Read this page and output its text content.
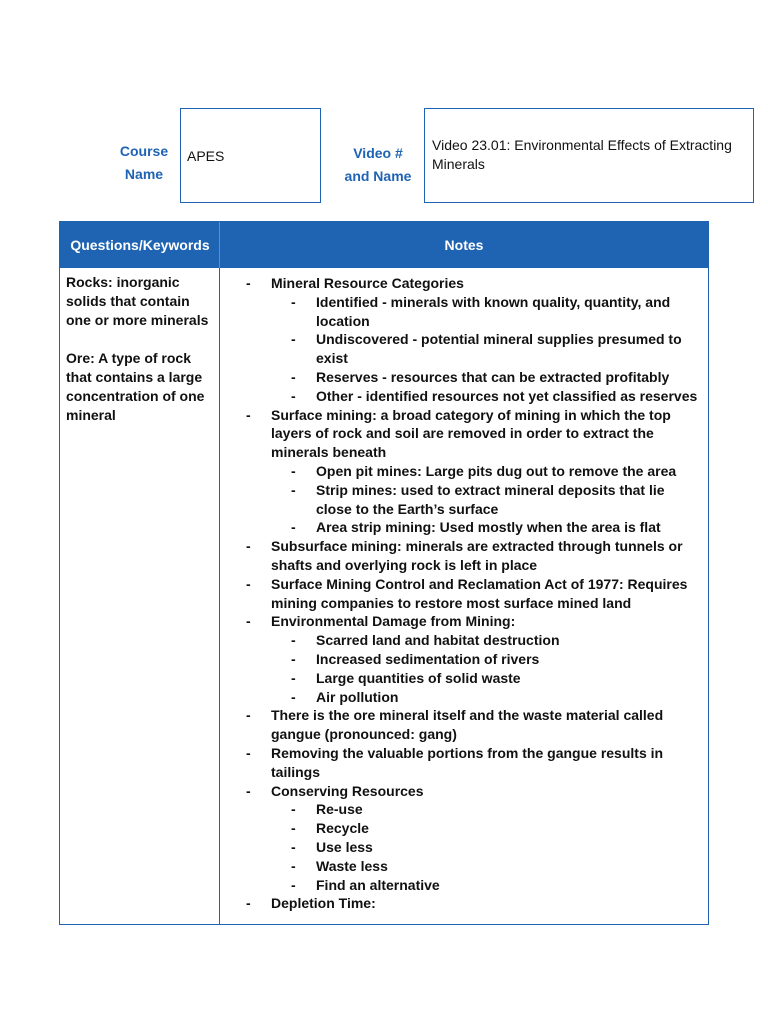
Course
Name
APES	Video #
and Name
Video 23.01: Environmental Effects of Extracting Minerals
Questions/Keywords	Notes

Rocks: inorganic solids that contain one or more minerals

Ore: A type of rock that contains a large concentration of one mineral

- Mineral Resource Categories
- Identified - minerals with known quality, quantity, and location
- Undiscovered - potential mineral supplies presumed to exist
- Reserves - resources that can be extracted profitably
- Other - identified resources not yet classified as reserves
- Surface mining: a broad category of mining in which the top layers of rock and soil are removed in order to extract the minerals beneath
- Open pit mines: Large pits dug out to remove the area
- Strip mines: used to extract mineral deposits that lie close to the Earth’s surface
- Area strip mining: Used mostly when the area is flat
- Subsurface mining: minerals are extracted through tunnels or shafts and overlying rock is left in place
- Surface Mining Control and Reclamation Act of 1977: Requires mining companies to restore most surface mined land
- Environmental Damage from Mining:
- Scarred land and habitat destruction
- Increased sedimentation of rivers
- Large quantities of solid waste
- Air pollution
- There is the ore mineral itself and the waste material called gangue (pronounced: gang)
- Removing the valuable portions from the gangue results in tailings
- Conserving Resources
- Re-use
- Recycle
- Use less
- Waste less
- Find an alternative
- Depletion Time:
